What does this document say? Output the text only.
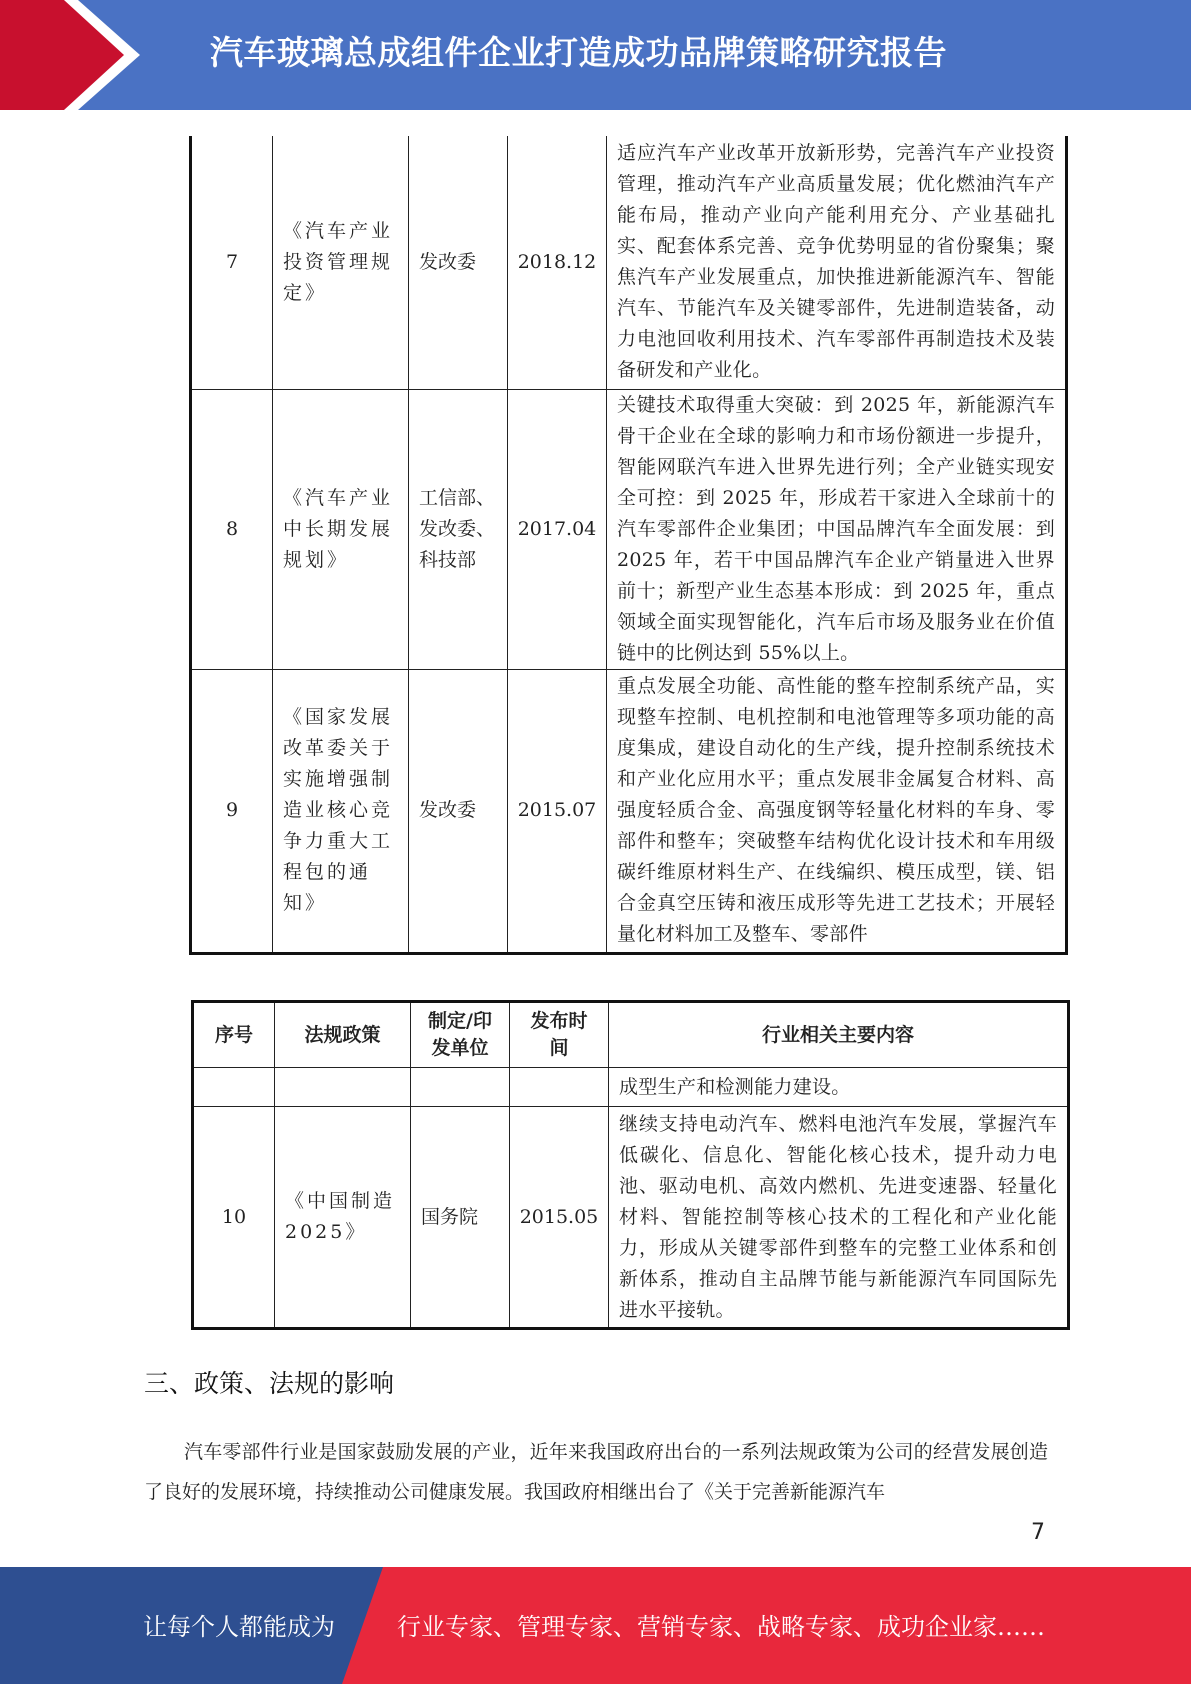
汽车玻璃总成组件企业打造成功品牌策略研究报告
7	《汽车产业投资管理规定》	发改委	2018.12	适应汽车产业改革开放新形势，完善汽车产业投资管理，推动汽车产业高质量发展；优化燃油汽车产能布局，推动产业向产能利用充分、产业基础扎实、配套体系完善、竞争优势明显的省份聚集；聚焦汽车产业发展重点，加快推进新能源汽车、智能汽车、节能汽车及关键零部件，先进制造装备，动力电池回收利用技术、汽车零部件再制造技术及装备研发和产业化。
8	《汽车产业中长期发展规划》	工信部、发改委、科技部	2017.04	关键技术取得重大突破：到 2025 年，新能源汽车骨干企业在全球的影响力和市场份额进一步提升，智能网联汽车进入世界先进行列；全产业链实现安全可控：到 2025 年，形成若干家进入全球前十的汽车零部件企业集团；中国品牌汽车全面发展：到 2025 年，若干中国品牌汽车企业产销量进入世界前十；新型产业生态基本形成：到 2025 年，重点领域全面实现智能化，汽车后市场及服务业在价值链中的比例达到 55%以上。
9	《国家发展改革委关于实施增强制造业核心竞争力重大工程包的通知》	发改委	2015.07	重点发展全功能、高性能的整车控制系统产品，实现整车控制、电机控制和电池管理等多项功能的高度集成，建设自动化的生产线，提升控制系统技术和产业化应用水平；重点发展非金属复合材料、高强度轻质合金、高强度钢等轻量化材料的车身、零部件和整车；突破整车结构优化设计技术和车用级碳纤维原材料生产、在线编织、模压成型，镁、铝合金真空压铸和液压成形等先进工艺技术；开展轻量化材料加工及整车、零部件
序号	法规政策	制定/印发单位	发布时间	行业相关主要内容
				成型生产和检测能力建设。
10	《中国制造2025》	国务院	2015.05	继续支持电动汽车、燃料电池汽车发展，掌握汽车低碳化、信息化、智能化核心技术，提升动力电池、驱动电机、高效内燃机、先进变速器、轻量化材料、智能控制等核心技术的工程化和产业化能力，形成从关键零部件到整车的完整工业体系和创新体系，推动自主品牌节能与新能源汽车同国际先进水平接轨。
三、政策、法规的影响

汽车零部件行业是国家鼓励发展的产业，近年来我国政府出台的一系列法规政策为公司的经营发展创造了良好的发展环境，持续推动公司健康发展。我国政府相继出台了《关于完善新能源汽车

7
让每个人都能成为	行业专家、管理专家、营销专家、战略专家、成功企业家……
